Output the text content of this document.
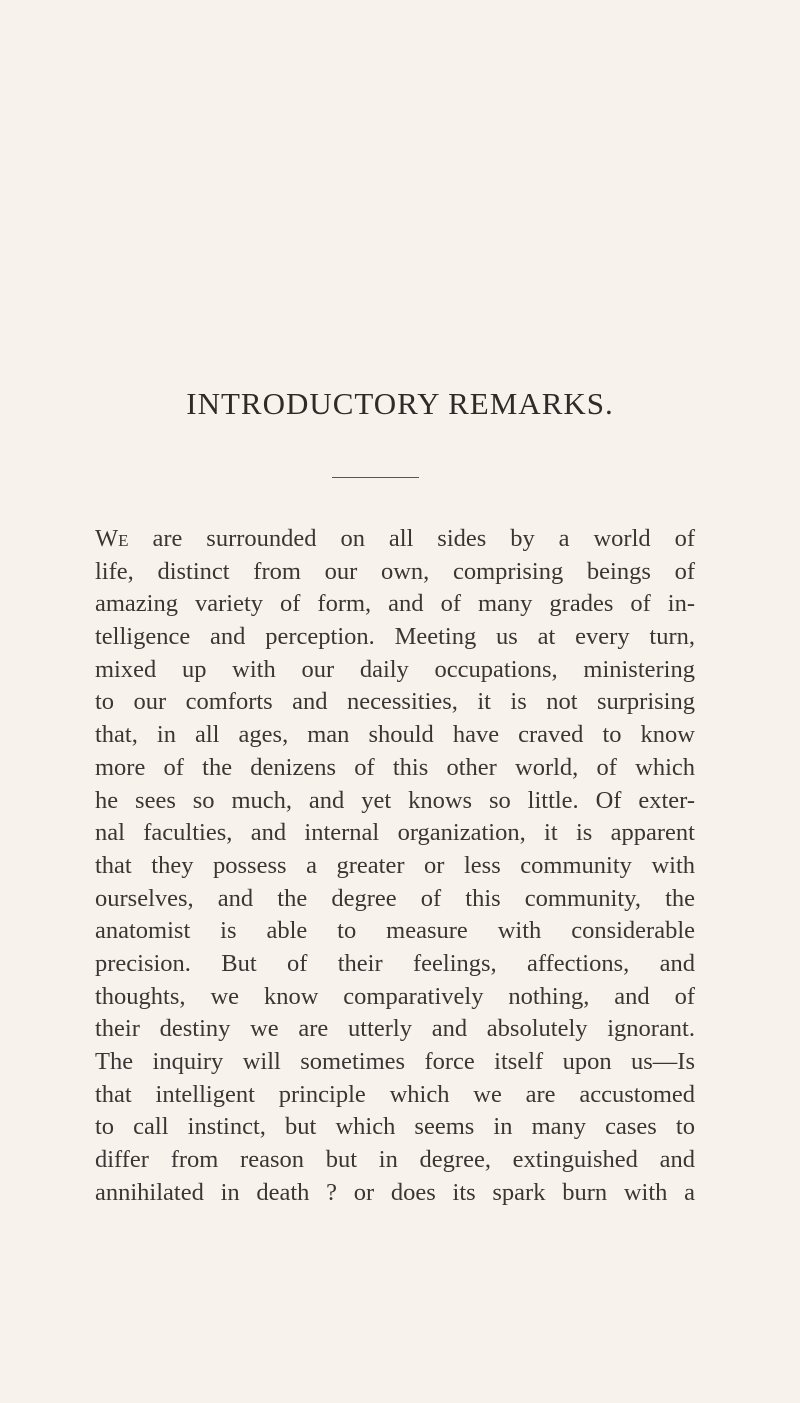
INTRODUCTORY REMARKS.
We are surrounded on all sides by a world of
life, distinct from our own, comprising beings of
amazing variety of form, and of many grades of in-
telligence and perception. Meeting us at every turn,
mixed up with our daily occupations, ministering
to our comforts and necessities, it is not surprising
that, in all ages, man should have craved to know
more of the denizens of this other world, of which
he sees so much, and yet knows so little. Of exter-
nal faculties, and internal organization, it is apparent
that they possess a greater or less community with
ourselves, and the degree of this community, the
anatomist is able to measure with considerable
precision. But of their feelings, affections, and
thoughts, we know comparatively nothing, and of
their destiny we are utterly and absolutely ignorant.
The inquiry will sometimes force itself upon us—Is
that intelligent principle which we are accustomed
to call instinct, but which seems in many cases to
differ from reason but in degree, extinguished and
annihilated in death ? or does its spark burn with a
